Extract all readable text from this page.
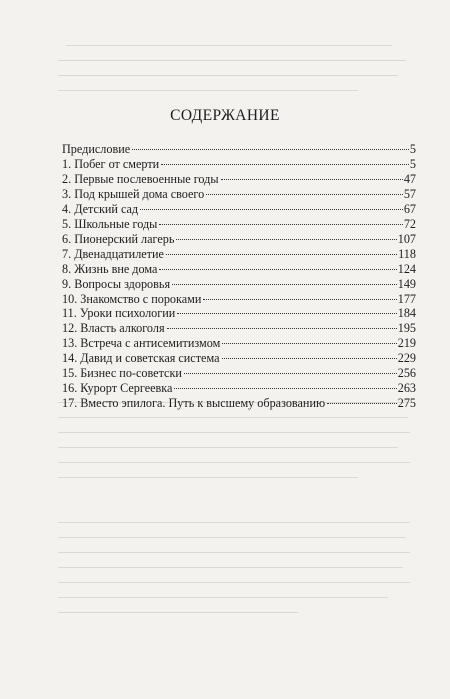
СОДЕРЖАНИЕ
Предисловие	5
1. Побег от смерти	5
2. Первые послевоенные годы	47
3. Под крышей дома своего	57
4. Детский сад	67
5. Школьные годы	72
6. Пионерский лагерь	107
7. Двенадцатилетие	118
8. Жизнь вне дома	124
9. Вопросы здоровья	149
10. Знакомство с пороками	177
11. Уроки психологии	184
12. Власть алкоголя	195
13. Встреча с антисемитизмом	219
14. Давид и советская система	229
15. Бизнес по-советски	256
16. Курорт Сергеевка	263
17. Вместо эпилога. Путь к высшему образованию	275
